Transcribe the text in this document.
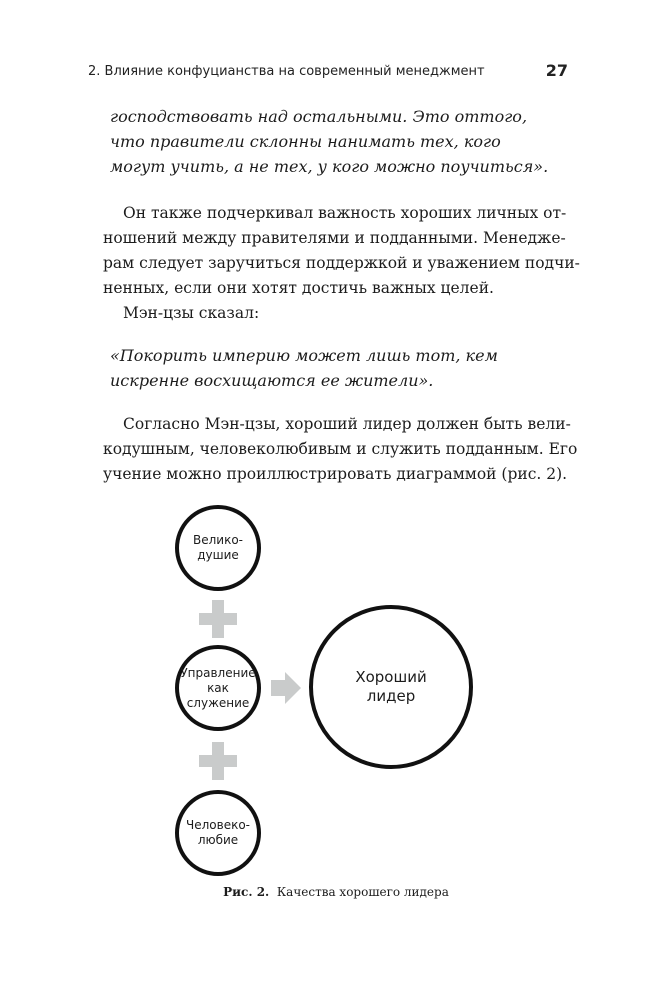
2. Влияние конфуцианства на современный менеджмент	27
господствовать над остальными. Это оттого,
что правители склонны нанимать тех, кого
могут учить, а не тех, у кого можно поучиться».
Он также подчеркивал важность хороших личных от-
ношений между правителями и подданными. Менедже-
рам следует заручиться поддержкой и уважением подчи-
ненных, если они хотят достичь важных целей.
Мэн-цзы сказал:
«Покорить империю может лишь тот, кем
искренне восхищаются ее жители».
Согласно Мэн-цзы, хороший лидер должен быть вели-
кодушным, человеколюбивым и служить подданным. Его
учение можно проиллюстрировать диаграммой (рис. 2).
Велико-
душие
Управление
как
служение
Человеко-
любие
Хороший
лидер
Рис. 2. Качества хорошего лидера
